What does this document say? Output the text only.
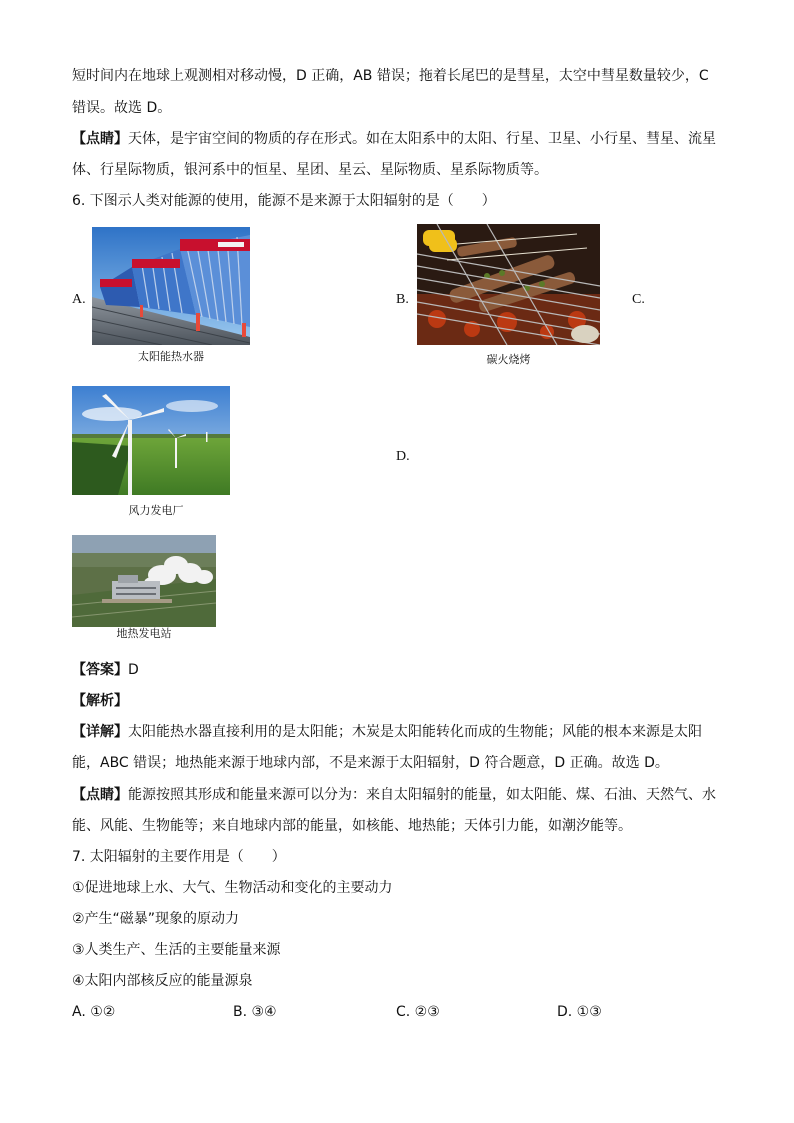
短时间内在地球上观测相对移动慢，D 正确，AB 错误；拖着长尾巴的是彗星，太空中彗星数量较少，C
错误。故选 D。
【点睛】天体，是宇宙空间的物质的存在形式。如在太阳系中的太阳、行星、卫星、小行星、彗星、流星
体、行星际物质，银河系中的恒星、星团、星云、星际物质、星系际物质等。
6. 下图示人类对能源的使用，能源不是来源于太阳辐射的是（　　）
A.
太阳能热水器
B.
碳火烧烤
C.
风力发电厂
D.
地热发电站
【答案】D
【解析】
【详解】太阳能热水器直接利用的是太阳能；木炭是太阳能转化而成的生物能；风能的根本来源是太阳
能，ABC 错误；地热能来源于地球内部，不是来源于太阳辐射，D 符合题意，D 正确。故选 D。
【点睛】能源按照其形成和能量来源可以分为：来自太阳辐射的能量，如太阳能、煤、石油、天然气、水
能、风能、生物能等；来自地球内部的能量，如核能、地热能；天体引力能，如潮汐能等。
7. 太阳辐射的主要作用是（　　）
①促进地球上水、大气、生物活动和变化的主要动力
②产生“磁暴”现象的原动力
③人类生产、生活的主要能量来源
④太阳内部核反应的能量源泉
A. ①②	B. ③④	C. ②③	D. ①③
